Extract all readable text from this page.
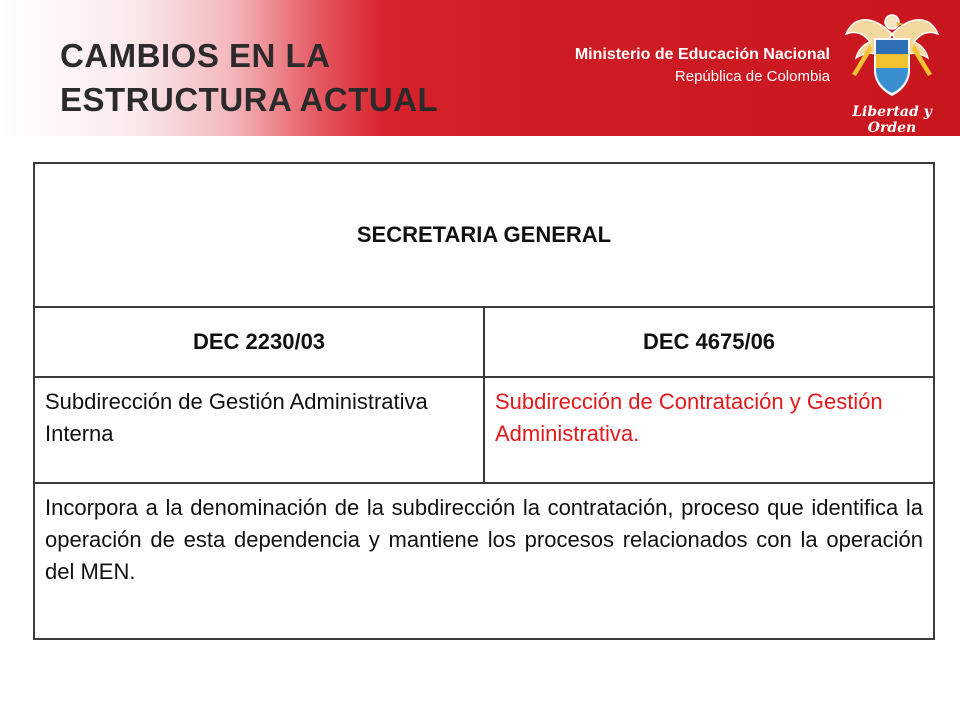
CAMBIOS EN LA
ESTRUCTURA ACTUAL
Ministerio de Educación Nacional
República de Colombia
Libertad y Orden
SECRETARIA GENERAL	
DEC 2230/03	DEC 4675/06
Subdirección de Gestión Administrativa Interna	Subdirección de Contratación y Gestión Administrativa.
Incorpora a la denominación de la subdirección la contratación, proceso que identifica la operación de esta dependencia y mantiene los procesos relacionados con la operación del MEN.	
